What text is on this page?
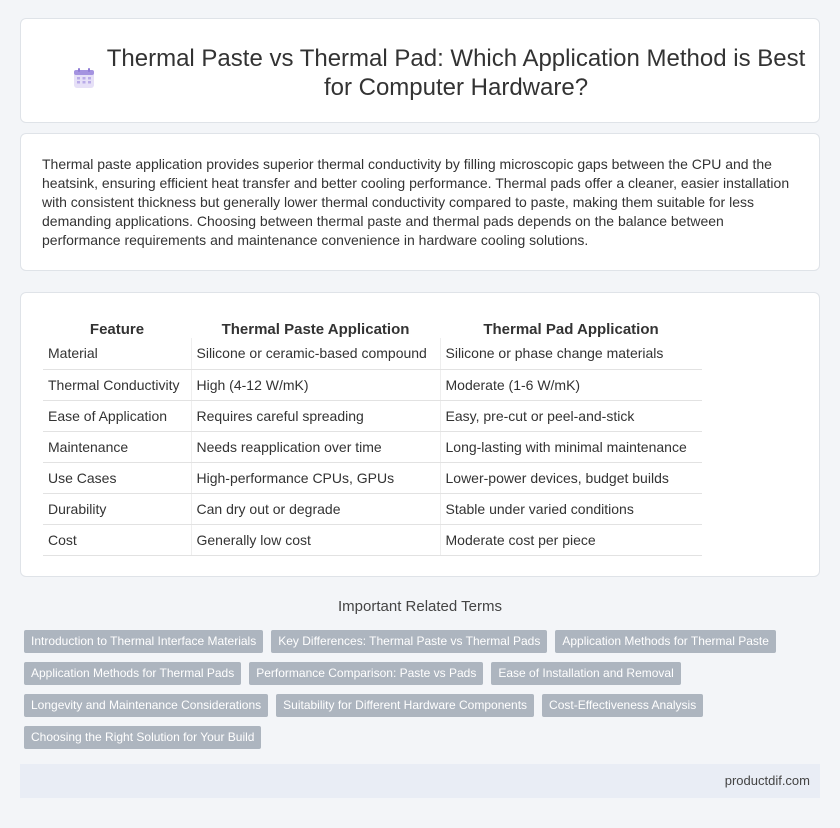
Thermal Paste vs Thermal Pad: Which Application Method is Best for Computer Hardware?

Thermal paste application provides superior thermal conductivity by filling microscopic gaps between the CPU and the heatsink, ensuring efficient heat transfer and better cooling performance. Thermal pads offer a cleaner, easier installation with consistent thickness but generally lower thermal conductivity compared to paste, making them suitable for less demanding applications. Choosing between thermal paste and thermal pads depends on the balance between performance requirements and maintenance convenience in hardware cooling solutions.

Feature	Thermal Paste Application	Thermal Pad Application
Material	Silicone or ceramic-based compound	Silicone or phase change materials
Thermal Conductivity	High (4-12 W/mK)	Moderate (1-6 W/mK)
Ease of Application	Requires careful spreading	Easy, pre-cut or peel-and-stick
Maintenance	Needs reapplication over time	Long-lasting with minimal maintenance
Use Cases	High-performance CPUs, GPUs	Lower-power devices, budget builds
Durability	Can dry out or degrade	Stable under varied conditions
Cost	Generally low cost	Moderate cost per piece
Important Related Terms
Introduction to Thermal Interface Materials	Key Differences: Thermal Paste vs Thermal Pads	Application Methods for Thermal Paste
Application Methods for Thermal Pads	Performance Comparison: Paste vs Pads	Ease of Installation and Removal
Longevity and Maintenance Considerations	Suitability for Different Hardware Components	Cost-Effectiveness Analysis
Choosing the Right Solution for Your Build
productdif.com
